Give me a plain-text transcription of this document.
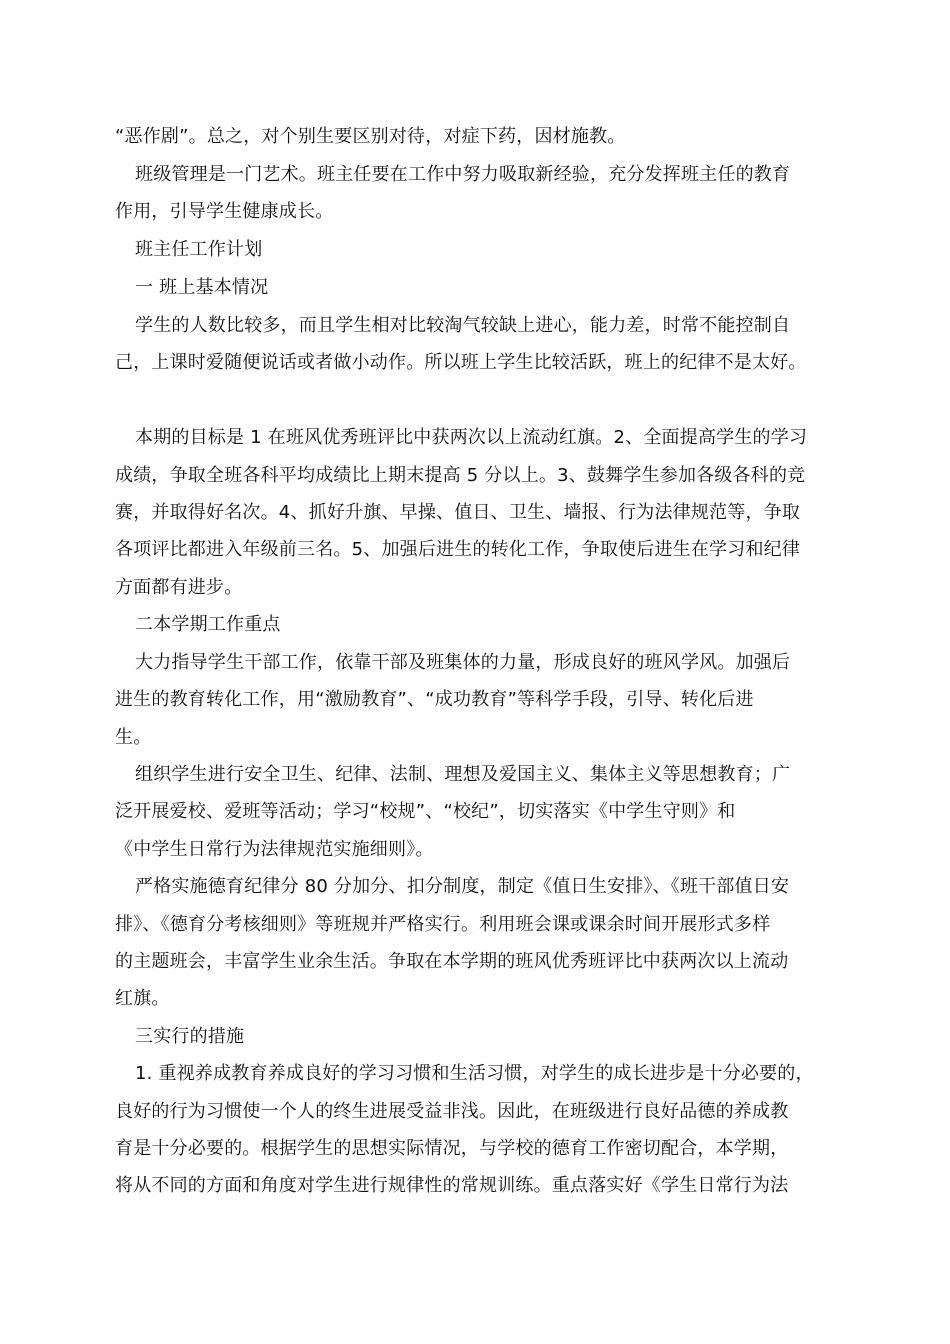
“恶作剧”。总之，对个别生要区别对待，对症下药，因材施教。
班级管理是一门艺术。班主任要在工作中努力吸取新经验，充分发挥班主任的教育
作用，引导学生健康成长。
班主任工作计划
一 班上基本情况
学生的人数比较多，而且学生相对比较淘气较缺上进心，能力差，时常不能控制自
己，上课时爱随便说话或者做小动作。所以班上学生比较活跃，班上的纪律不是太好。
本期的目标是 1 在班风优秀班评比中获两次以上流动红旗。2、全面提高学生的学习
成绩，争取全班各科平均成绩比上期末提高 5 分以上。3、鼓舞学生参加各级各科的竞
赛，并取得好名次。4、抓好升旗、早操、值日、卫生、墙报、行为法律规范等，争取
各项评比都进入年级前三名。5、加强后进生的转化工作，争取使后进生在学习和纪律
方面都有进步。
二本学期工作重点
大力指导学生干部工作，依靠干部及班集体的力量，形成良好的班风学风。加强后
进生的教育转化工作，用“激励教育”、“成功教育”等科学手段，引导、转化后进
生。
组织学生进行安全卫生、纪律、法制、理想及爱国主义、集体主义等思想教育；广
泛开展爱校、爱班等活动；学习“校规”、“校纪”，切实落实《中学生守则》和
《中学生日常行为法律规范实施细则》。
严格实施德育纪律分 80 分加分、扣分制度，制定《值日生安排》、《班干部值日安
排》、《德育分考核细则》等班规并严格实行。利用班会课或课余时间开展形式多样
的主题班会，丰富学生业余生活。争取在本学期的班风优秀班评比中获两次以上流动
红旗。
三实行的措施
1. 重视养成教育养成良好的学习习惯和生活习惯，对学生的成长进步是十分必要的，
良好的行为习惯使一个人的终生进展受益非浅。因此，在班级进行良好品德的养成教
育是十分必要的。根据学生的思想实际情况，与学校的德育工作密切配合，本学期，
将从不同的方面和角度对学生进行规律性的常规训练。重点落实好《学生日常行为法
